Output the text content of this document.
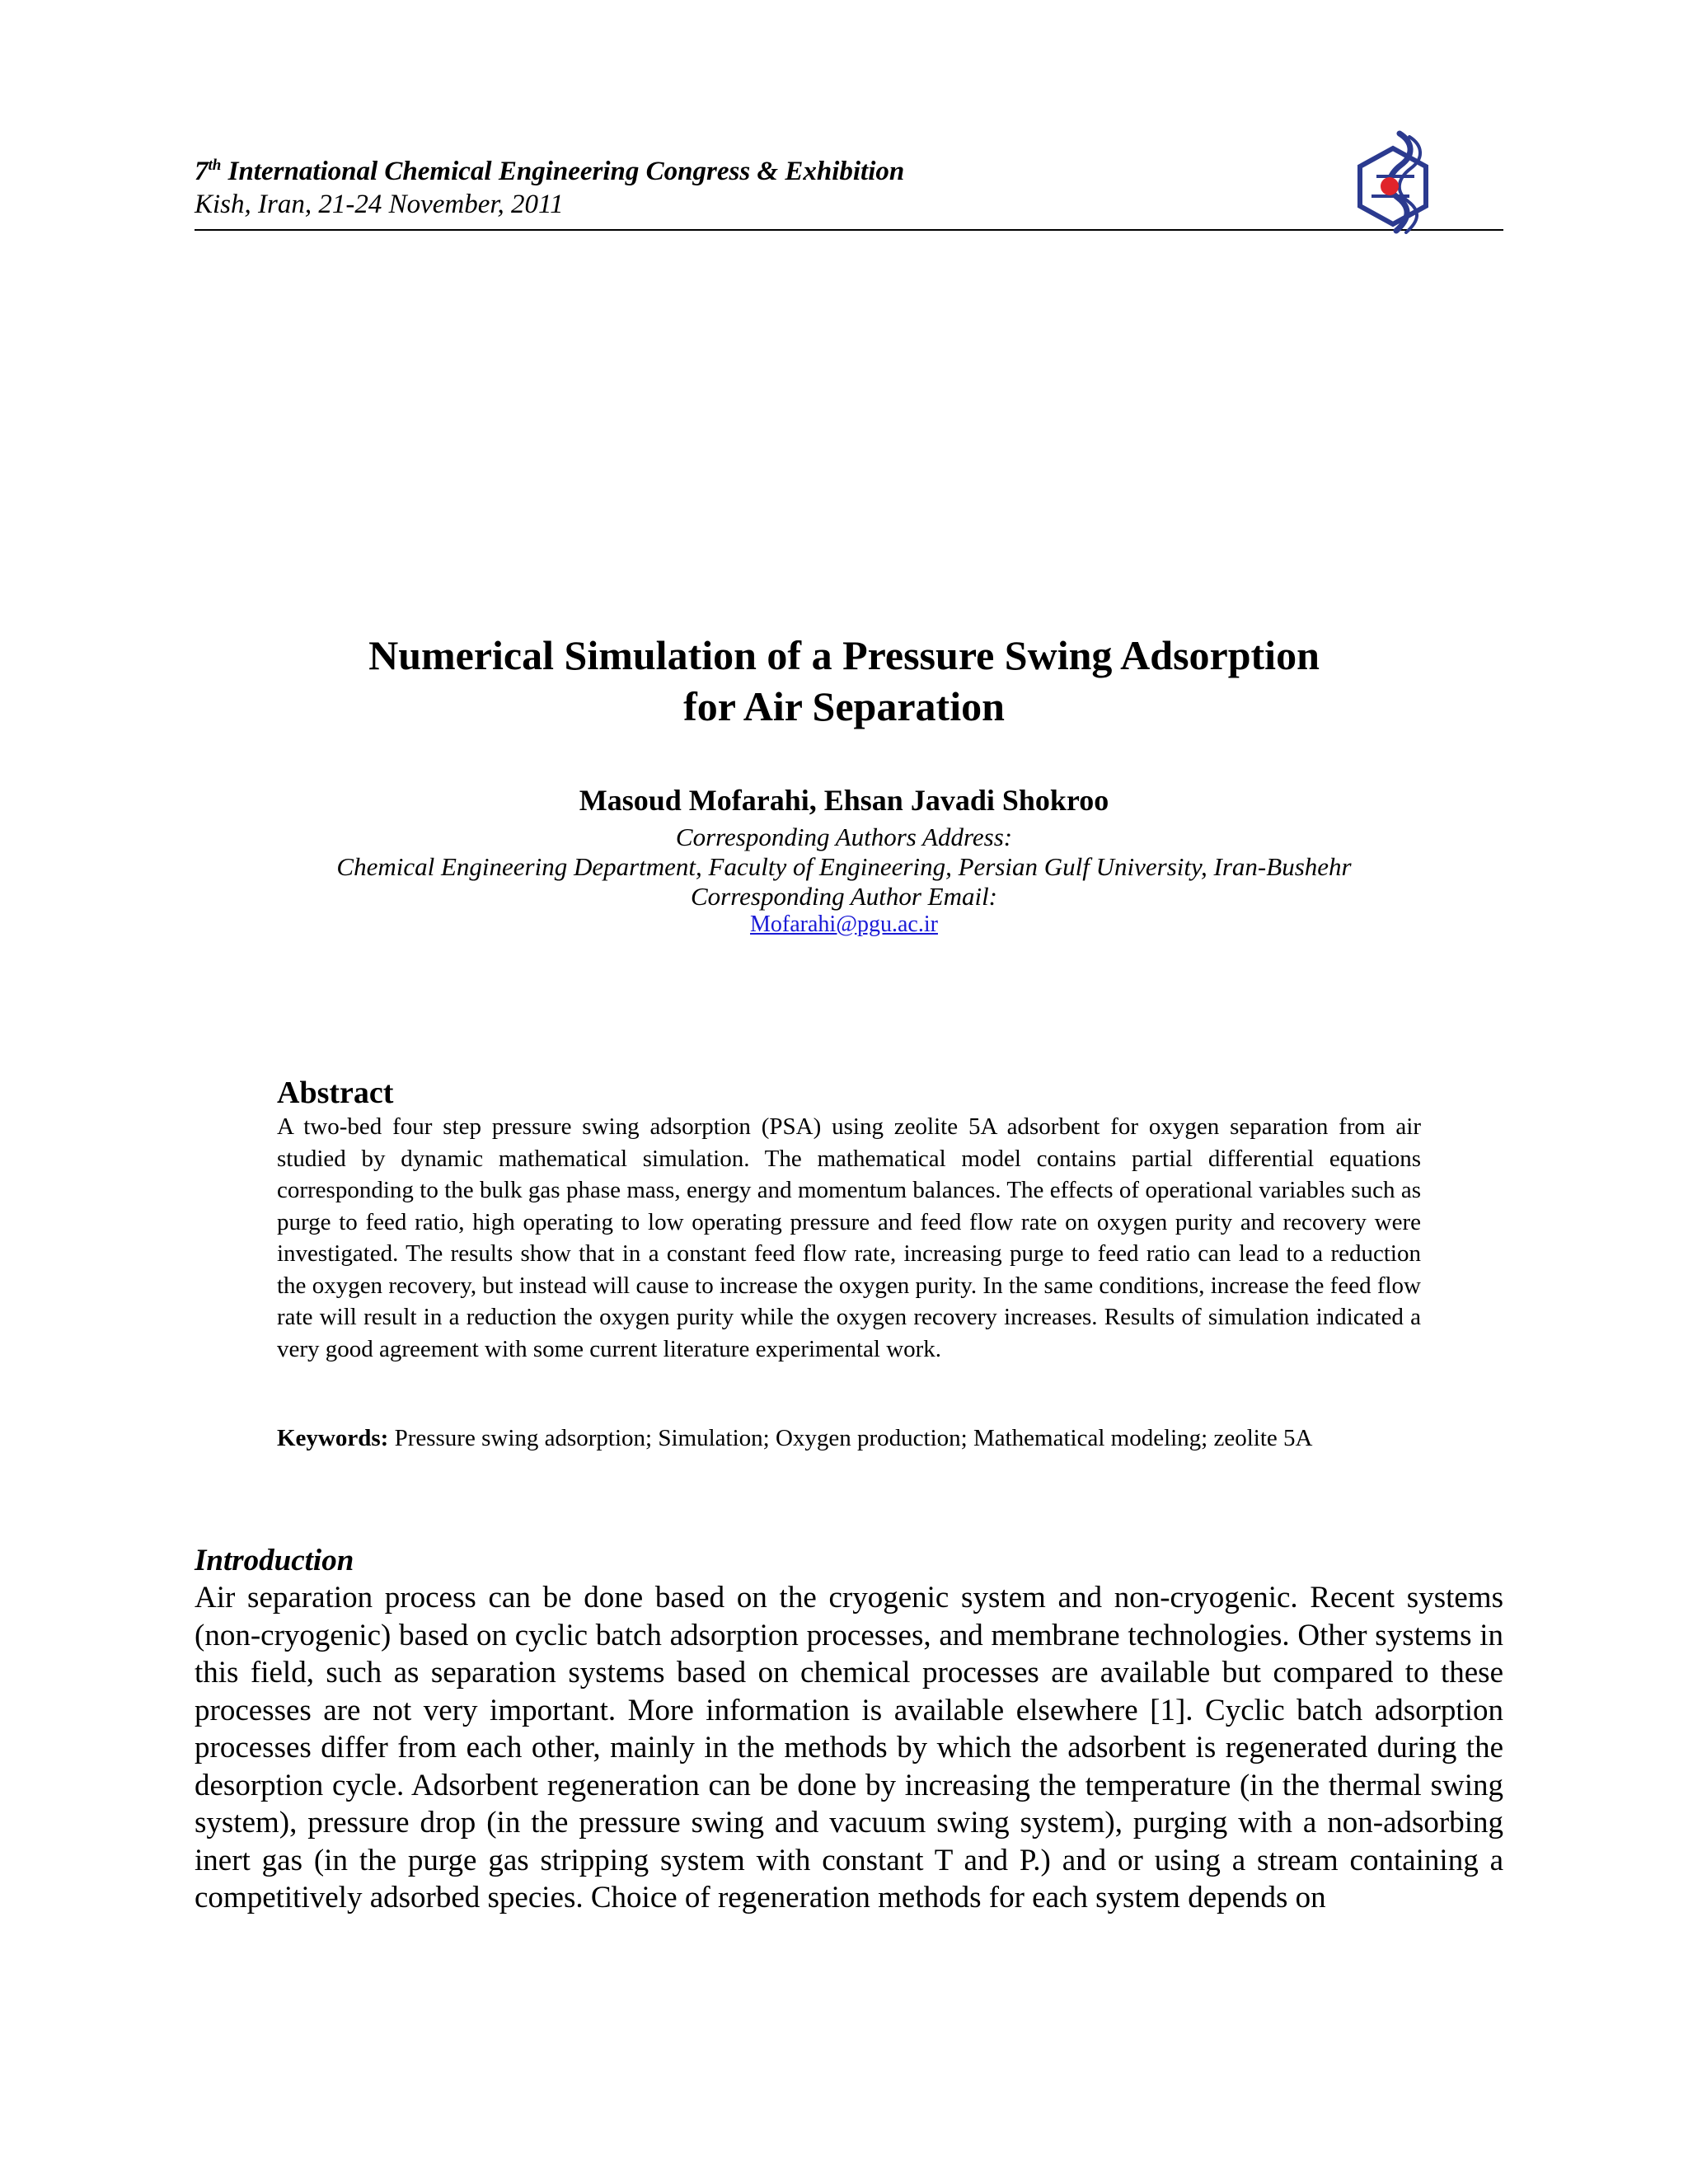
7th International Chemical Engineering Congress & Exhibition
Kish, Iran, 21-24 November, 2011
Numerical Simulation of a Pressure Swing Adsorption
for Air Separation
Masoud Mofarahi, Ehsan Javadi Shokroo
Corresponding Authors Address:
Chemical Engineering Department, Faculty of Engineering, Persian Gulf University, Iran-Bushehr
Corresponding Author Email:
Mofarahi@pgu.ac.ir
Abstract
A two-bed four step pressure swing adsorption (PSA) using zeolite 5A adsorbent for oxygen separation from air studied by dynamic mathematical simulation. The mathematical model contains partial differential equations corresponding to the bulk gas phase mass, energy and momentum balances. The effects of operational variables such as purge to feed ratio, high operating to low operating pressure and feed flow rate on oxygen purity and recovery were investigated. The results show that in a constant feed flow rate, increasing purge to feed ratio can lead to a reduction the oxygen recovery, but instead will cause to increase the oxygen purity. In the same conditions, increase the feed flow rate will result in a reduction the oxygen purity while the oxygen recovery increases. Results of simulation indicated a very good agreement with some current literature experimental work.
Keywords: Pressure swing adsorption; Simulation; Oxygen production; Mathematical modeling; zeolite 5A
Introduction
Air separation process can be done based on the cryogenic system and non-cryogenic. Recent systems (non-cryogenic) based on cyclic batch adsorption processes, and membrane technologies. Other systems in this field, such as separation systems based on chemical processes are available but compared to these processes are not very important. More information is available elsewhere [1]. Cyclic batch adsorption processes differ from each other, mainly in the methods by which the adsorbent is regenerated during the desorption cycle. Adsorbent regeneration can be done by increasing the temperature (in the thermal swing system), pressure drop (in the pressure swing and vacuum swing system), purging with a non-adsorbing inert gas (in the purge gas stripping system with constant T and P.) and or using a stream containing a competitively adsorbed species. Choice of regeneration methods for each system depends on
